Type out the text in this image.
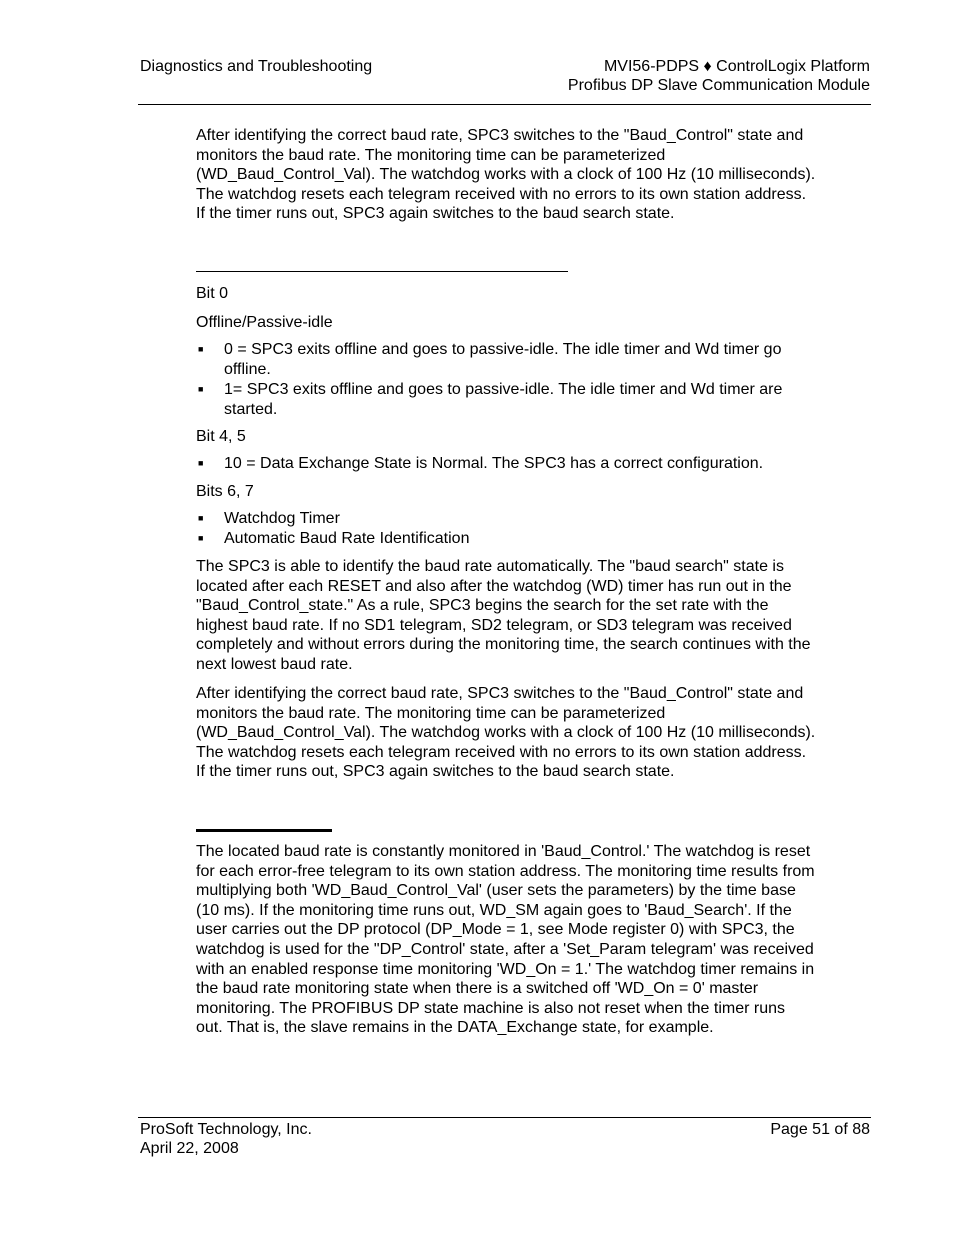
Diagnostics and Troubleshooting	MVI56-PDPS ♦ ControlLogix Platform
Profibus DP Slave Communication Module

After identifying the correct baud rate, SPC3 switches to the "Baud_Control" state and monitors the baud rate. The monitoring time can be parameterized (WD_Baud_Control_Val). The watchdog works with a clock of 100 Hz (10 milliseconds). The watchdog resets each telegram received with no errors to its own station address. If the timer runs out, SPC3 again switches to the baud search state.

Bit 0
Offline/Passive-idle
■ 0 = SPC3 exits offline and goes to passive-idle. The idle timer and Wd timer go offline.
■ 1= SPC3 exits offline and goes to passive-idle. The idle timer and Wd timer are started.
Bit 4, 5
■ 10 = Data Exchange State is Normal. The SPC3 has a correct configuration.
Bits 6, 7
■ Watchdog Timer
■ Automatic Baud Rate Identification

The SPC3 is able to identify the baud rate automatically. The "baud search" state is located after each RESET and also after the watchdog (WD) timer has run out in the "Baud_Control_state." As a rule, SPC3 begins the search for the set rate with the highest baud rate. If no SD1 telegram, SD2 telegram, or SD3 telegram was received completely and without errors during the monitoring time, the search continues with the next lowest baud rate.

After identifying the correct baud rate, SPC3 switches to the "Baud_Control" state and monitors the baud rate. The monitoring time can be parameterized (WD_Baud_Control_Val). The watchdog works with a clock of 100 Hz (10 milliseconds). The watchdog resets each telegram received with no errors to its own station address. If the timer runs out, SPC3 again switches to the baud search state.

The located baud rate is constantly monitored in 'Baud_Control.' The watchdog is reset for each error-free telegram to its own station address. The monitoring time results from multiplying both 'WD_Baud_Control_Val' (user sets the parameters) by the time base (10 ms). If the monitoring time runs out, WD_SM again goes to 'Baud_Search'. If the user carries out the DP protocol (DP_Mode = 1, see Mode register 0) with SPC3, the watchdog is used for the "DP_Control' state, after a 'Set_Param telegram' was received with an enabled response time monitoring 'WD_On = 1.' The watchdog timer remains in the baud rate monitoring state when there is a switched off 'WD_On = 0' master monitoring. The PROFIBUS DP state machine is also not reset when the timer runs out. That is, the slave remains in the DATA_Exchange state, for example.

ProSoft Technology, Inc.
April 22, 2008
Page 51 of 88
